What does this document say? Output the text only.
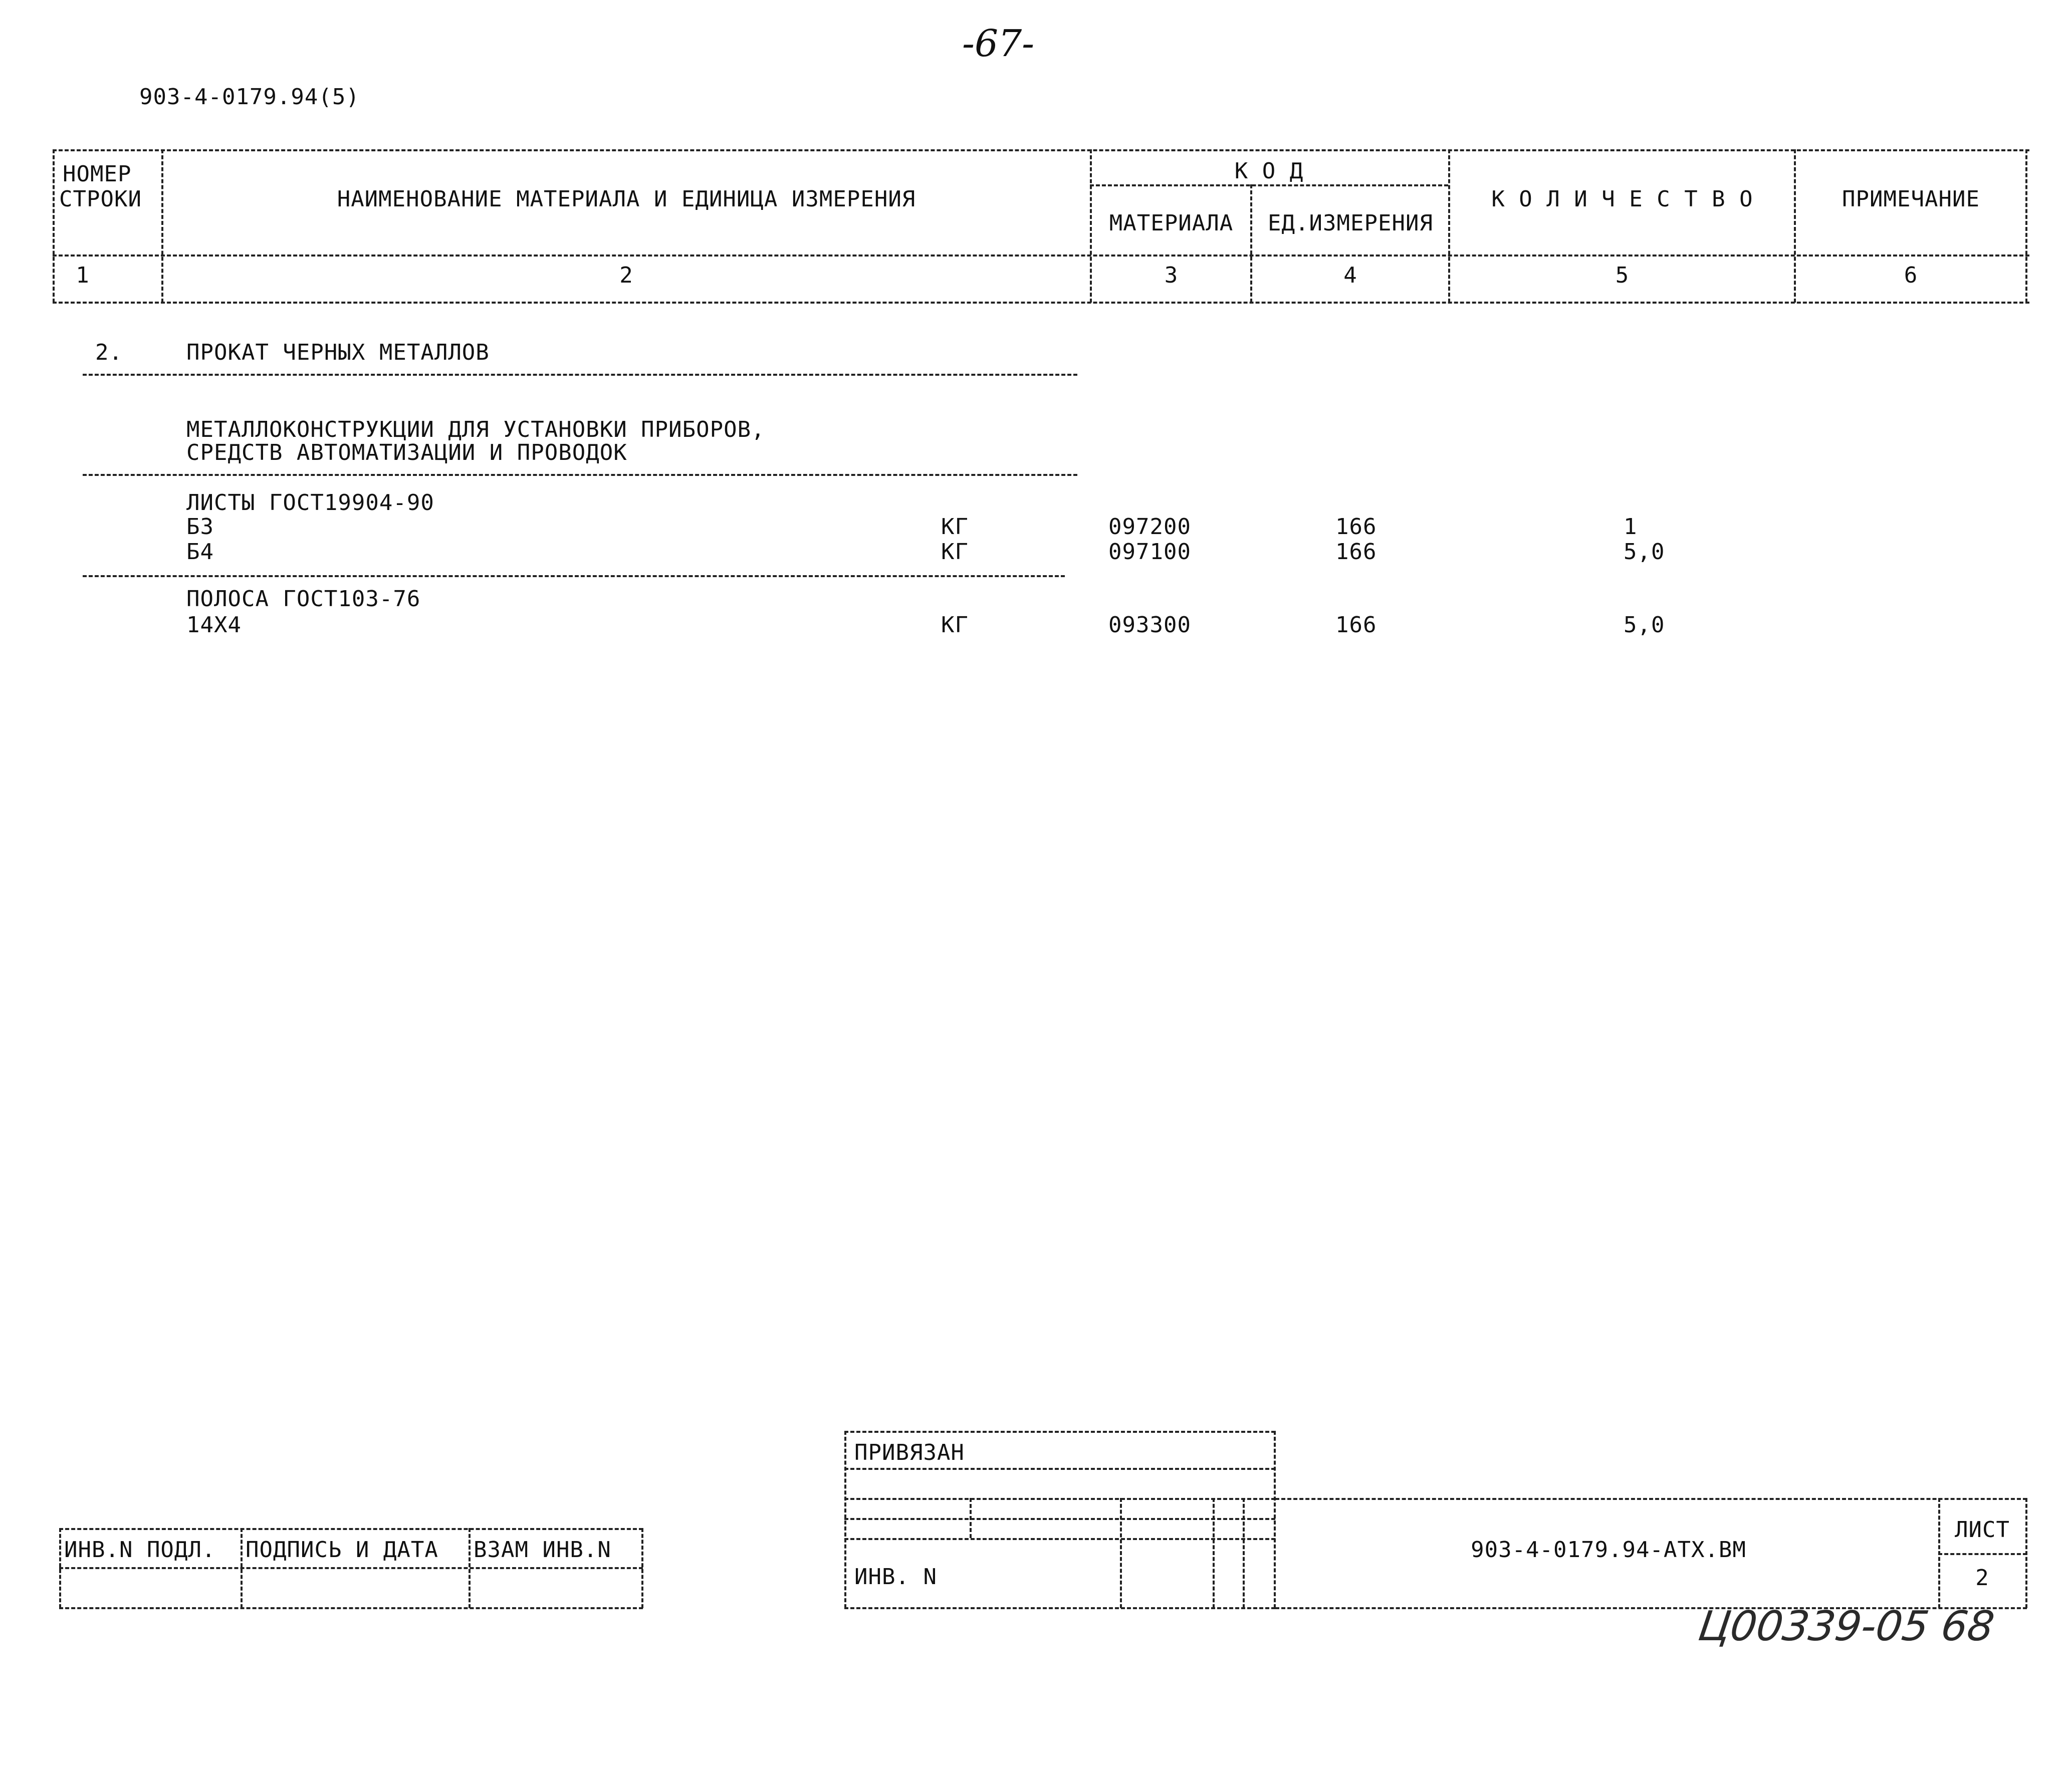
-67-
903-4-0179.94(5)
НОМЕР
СТРОКИ	НАИМЕНОВАНИЕ МАТЕРИАЛА И ЕДИНИЦА ИЗМЕРЕНИЯ
К О Д
МАТЕРИАЛА	ЕД.ИЗМЕРЕНИЯ
К О Л И Ч Е С Т В О	ПРИМЕЧАНИЕ
1	2	3	4	5	6
2.	ПРОКАТ ЧЕРНЫХ МЕТАЛЛОВ
МЕТАЛЛОКОНСТРУКЦИИ ДЛЯ УСТАНОВКИ ПРИБОРОВ,
СРЕДСТВ АВТОМАТИЗАЦИИ И ПРОВОДОК
ЛИСТЫ ГОСТ19904-90
Б3	КГ	097200	166	1
Б4	КГ	097100	166	5,0
ПОЛОСА ГОСТ103-76
14Х4	КГ	093300	166	5,0
ИНВ.N ПОДЛ. ПОДПИСЬ И ДАТА ВЗАМ ИНВ.N
ПРИВЯЗАН
ИНВ. N
903-4-0179.94-АТХ.ВМ
ЛИСТ
2
Ц00339-05 68
